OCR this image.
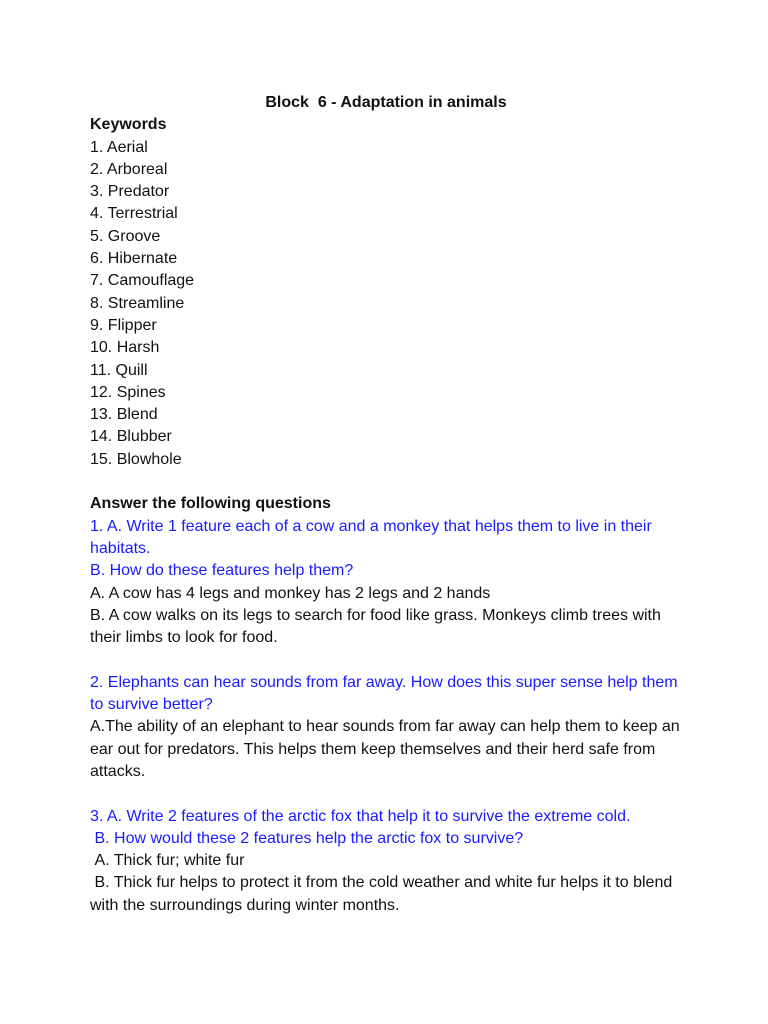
Block  6 - Adaptation in animals
Keywords
1. Aerial
2. Arboreal
3. Predator
4. Terrestrial
5. Groove
6. Hibernate
7. Camouflage
8. Streamline
9. Flipper
10. Harsh
11. Quill
12. Spines
13. Blend
14. Blubber
15. Blowhole
Answer the following questions
1. A. Write 1 feature each of a cow and a monkey that helps them to live in their habitats.
B. How do these features help them?
A. A cow has 4 legs and monkey has 2 legs and 2 hands
B. A cow walks on its legs to search for food like grass. Monkeys climb trees with their limbs to look for food.
2. Elephants can hear sounds from far away. How does this super sense help them to survive better?
A.The ability of an elephant to hear sounds from far away can help them to keep an ear out for predators. This helps them keep themselves and their herd safe from attacks.
3. A. Write 2 features of the arctic fox that help it to survive the extreme cold.
B. How would these 2 features help the arctic fox to survive?
A. Thick fur; white fur
B. Thick fur helps to protect it from the cold weather and white fur helps it to blend with the surroundings during winter months.
